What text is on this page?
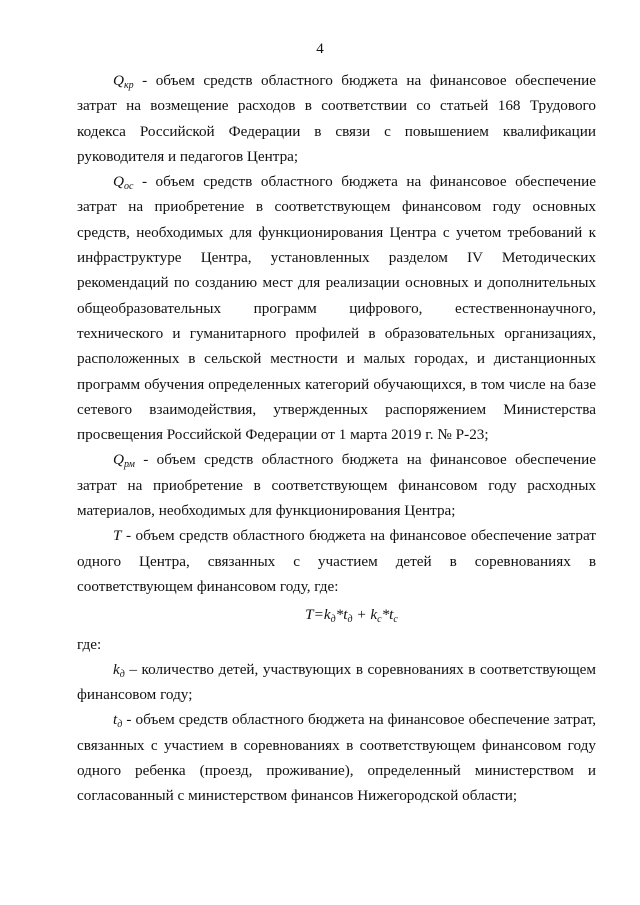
4

$Q_{кр}$ - объем средств областного бюджета на финансовое обеспечение затрат на возмещение расходов в соответствии со статьей 168 Трудового кодекса Российской Федерации в связи с повышением квалификации руководителя и педагогов Центра;

$Q_{ос}$ - объем средств областного бюджета на финансовое обеспечение затрат на приобретение в соответствующем финансовом году основных средств, необходимых для функционирования Центра с учетом требований к инфраструктуре Центра, установленных разделом IV Методических рекомендаций по созданию мест для реализации основных и дополнительных общеобразовательных программ цифрового, естественнонаучного, технического и гуманитарного профилей в образовательных организациях, расположенных в сельской местности и малых городах, и дистанционных программ обучения определенных категорий обучающихся, в том числе на базе сетевого взаимодействия, утвержденных распоряжением Министерства просвещения Российской Федерации от 1 марта 2019 г. № Р-23;

$Q_{рм}$ - объем средств областного бюджета на финансовое обеспечение затрат на приобретение в соответствующем финансовом году расходных материалов, необходимых для функционирования Центра;

T - объем средств областного бюджета на финансовое обеспечение затрат одного Центра, связанных с участием детей в соревнованиях в соответствующем финансовом году, где:

$T=k_д*t_д + k_с*t_с$

где:

$k_д$ – количество детей, участвующих в соревнованиях в соответствующем финансовом году;

$t_д$ - объем средств областного бюджета на финансовое обеспечение затрат, связанных с участием в соревнованиях в соответствующем финансовом году одного ребенка (проезд, проживание), определенный министерством и согласованный с министерством финансов Нижегородской области;
